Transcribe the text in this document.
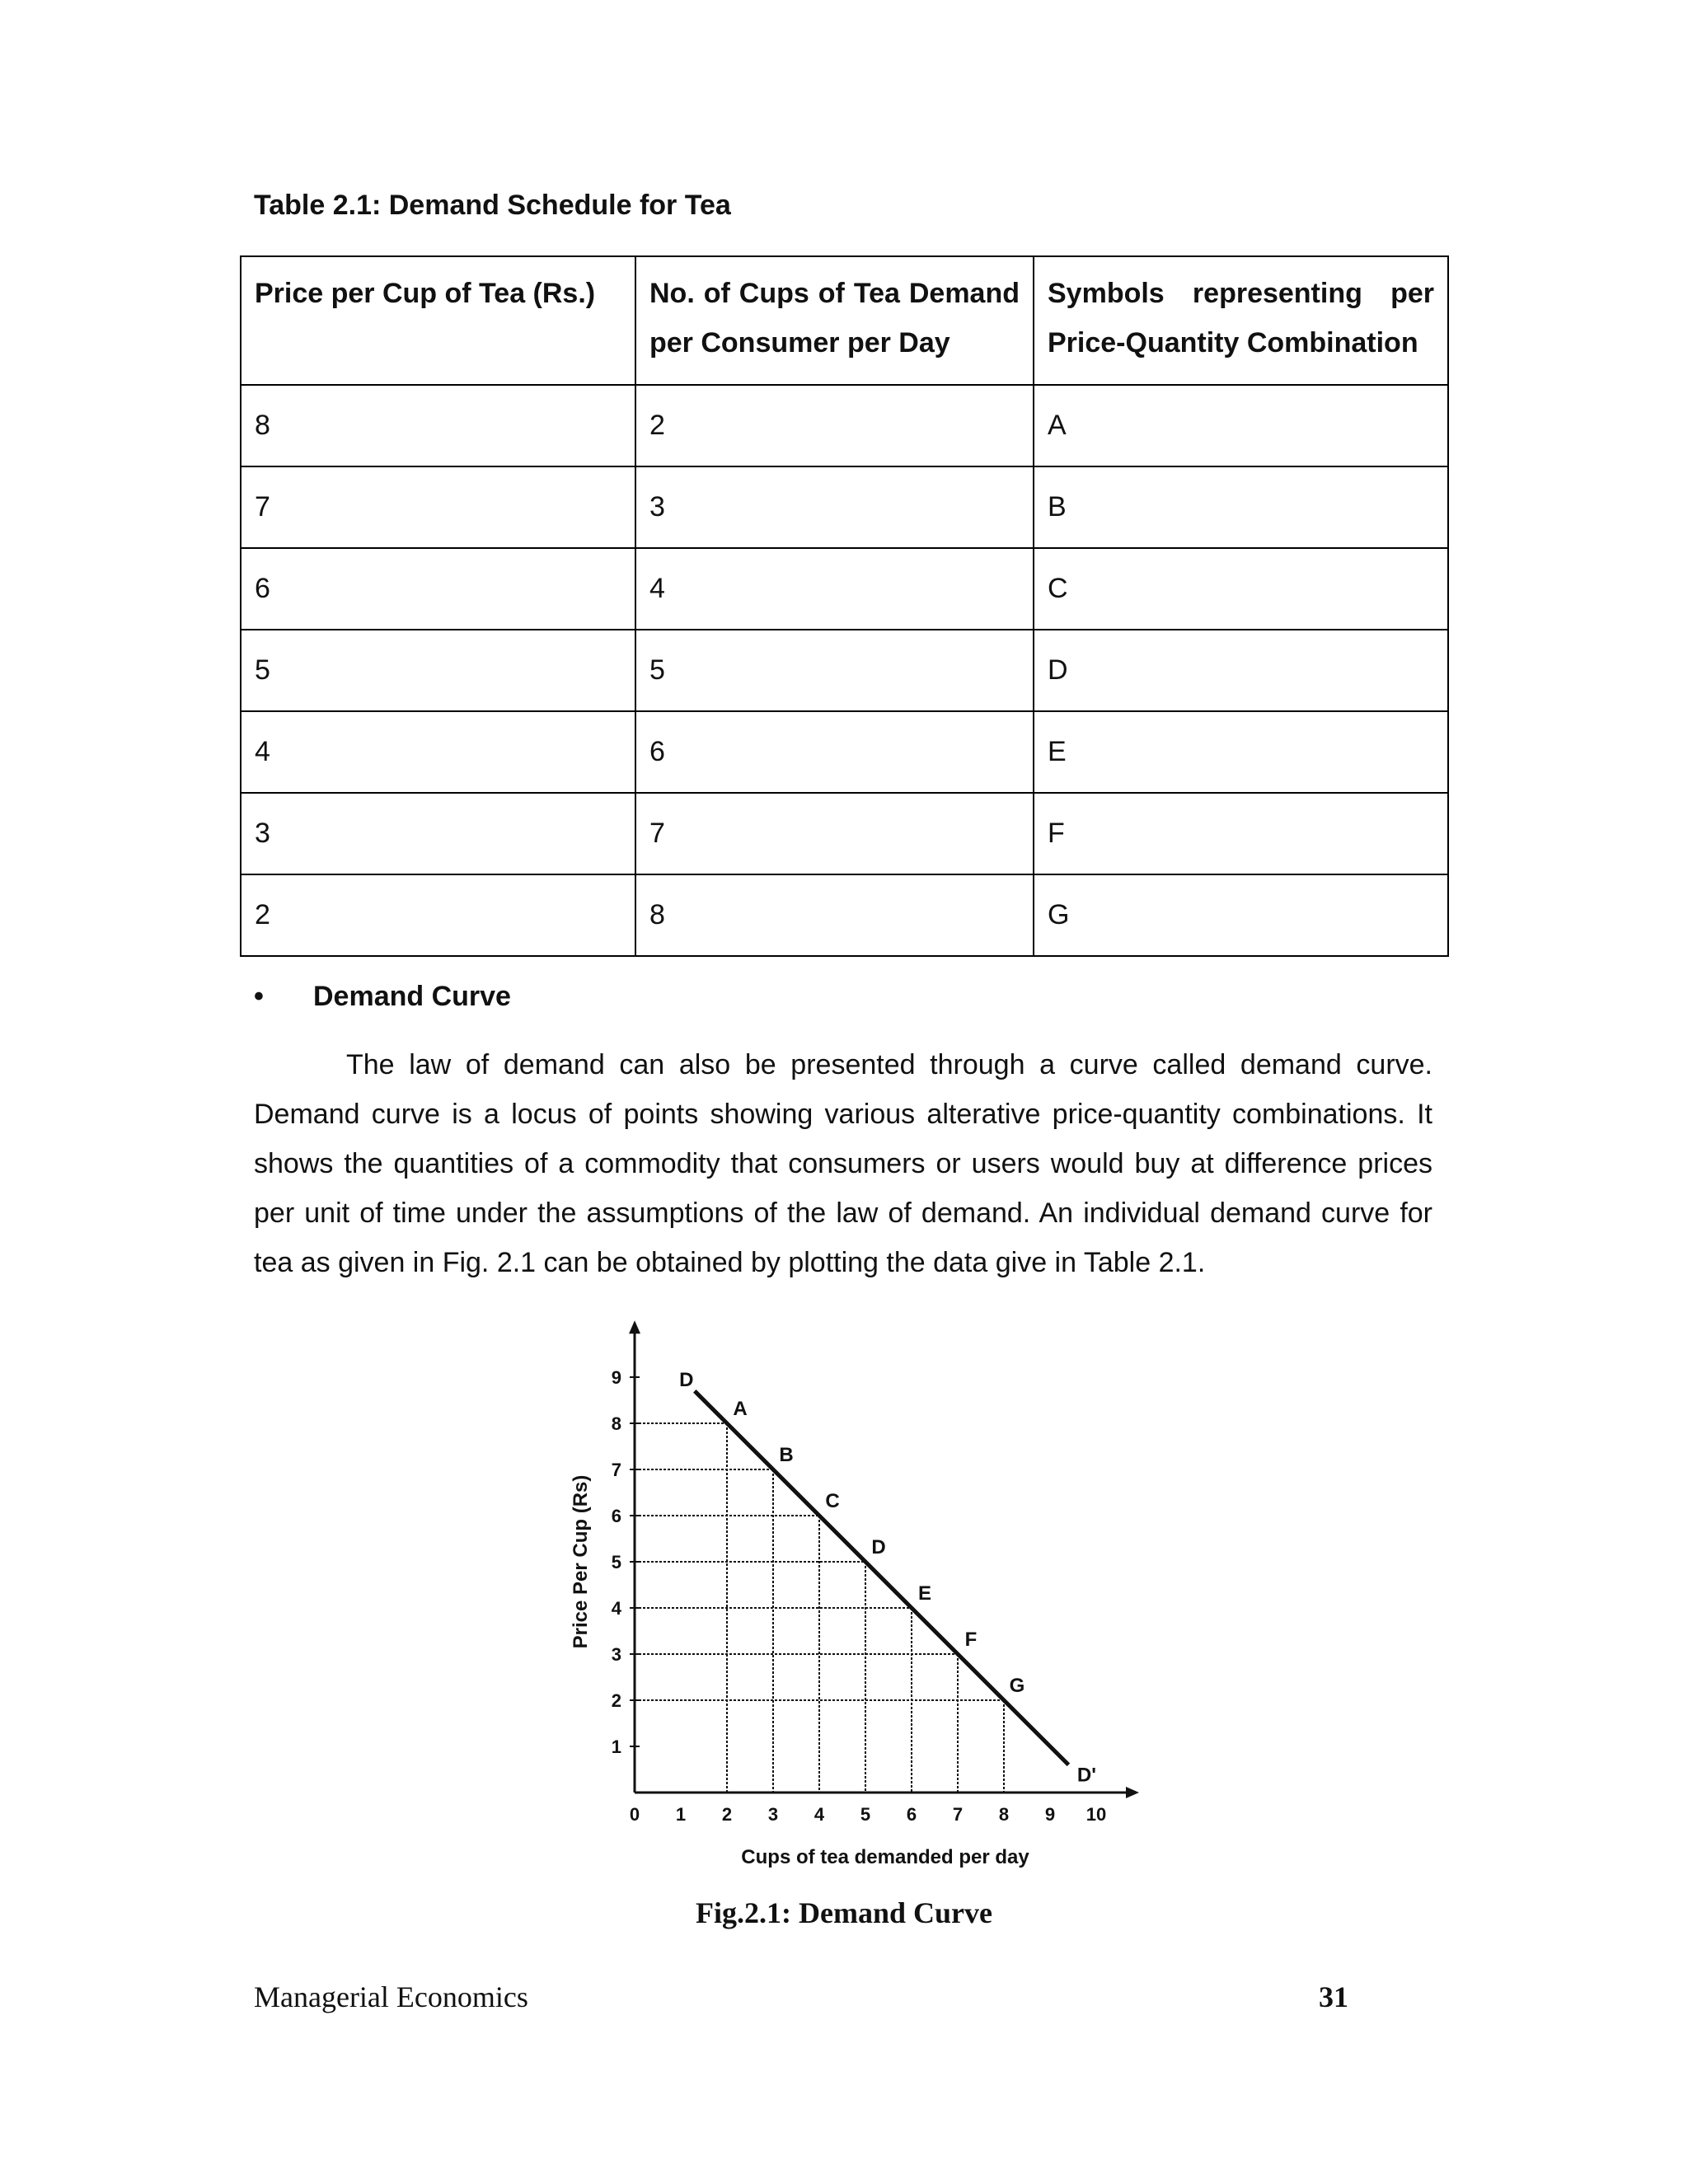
Table 2.1: Demand Schedule for Tea
Price per Cup of Tea (Rs.)	No. of Cups of Tea Demand per Consumer per Day	Symbols representing per Price-Quantity Combination
8	2	A
7	3	B
6	4	C
5	5	D
4	6	E
3	7	F
2	8	G
•	Demand Curve
The law of demand can also be presented through a curve called demand curve. Demand curve is a locus of points showing various alterative price-quantity combinations. It shows the quantities of a commodity that consumers or users would buy at difference prices per unit of time under the assumptions of the law of demand. An individual demand curve for tea as given in Fig. 2.1 can be obtained by plotting the data give in Table 2.1.
D
D'
A
B
C
D
E
F
G
1
2
3
4
5
6
7
8
9
0 1 2 3 4 5 6 7 8 9 10
Cups of tea demanded per day
Price Per Cup (Rs)
Fig.2.1: Demand Curve
Managerial Economics	31
